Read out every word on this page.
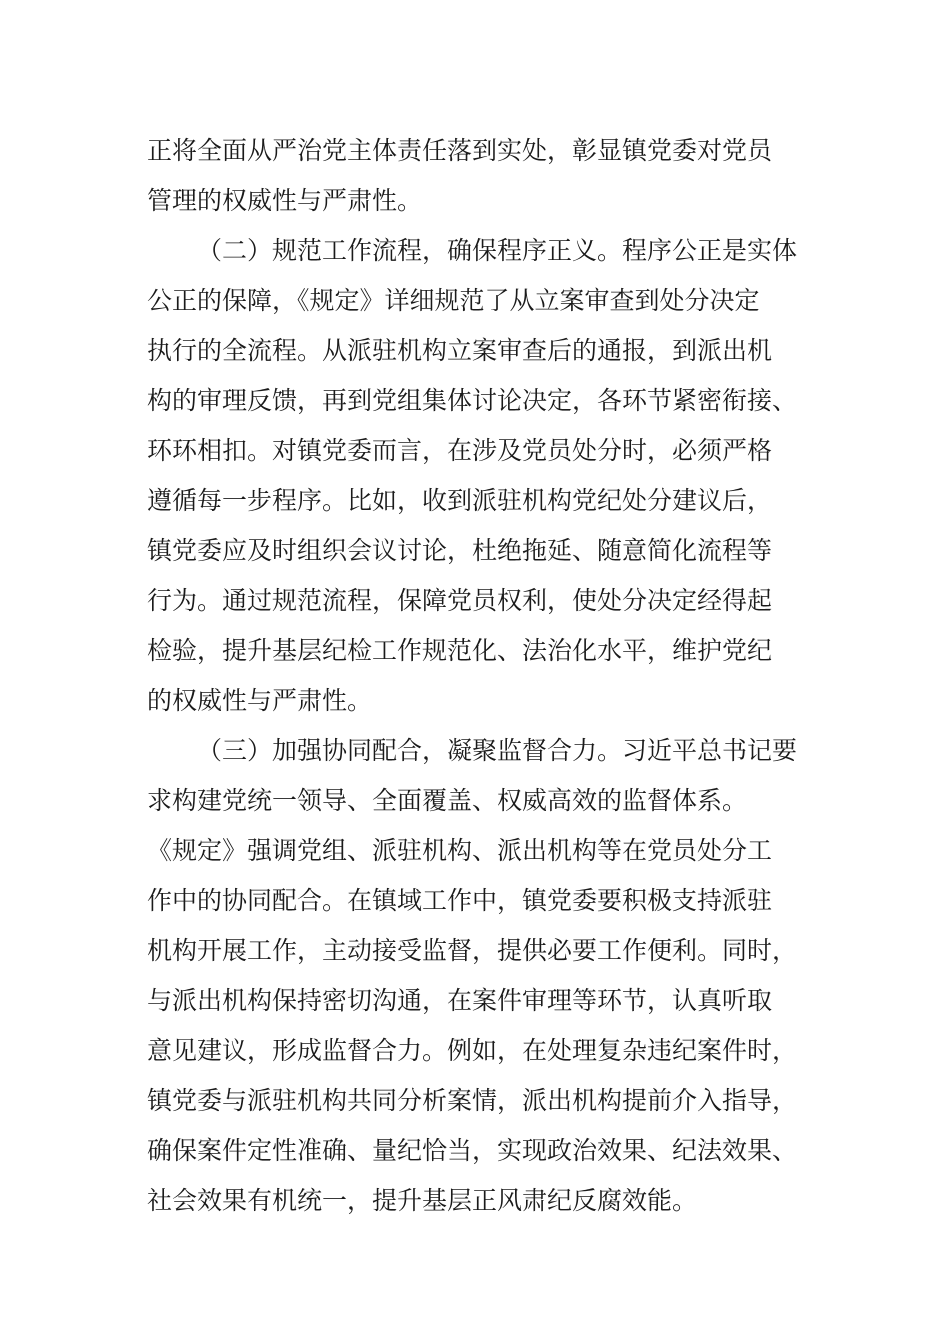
正将全面从严治党主体责任落到实处，彰显镇党委对党员
管理的权威性与严肃性。
（二）规范工作流程，确保程序正义。程序公正是实体
公正的保障，《规定》详细规范了从立案审查到处分决定
执行的全流程。从派驻机构立案审查后的通报，到派出机
构的审理反馈，再到党组集体讨论决定，各环节紧密衔接、
环环相扣。对镇党委而言，在涉及党员处分时，必须严格
遵循每一步程序。比如，收到派驻机构党纪处分建议后，
镇党委应及时组织会议讨论，杜绝拖延、随意简化流程等
行为。通过规范流程，保障党员权利，使处分决定经得起
检验，提升基层纪检工作规范化、法治化水平，维护党纪
的权威性与严肃性。
（三）加强协同配合，凝聚监督合力。习近平总书记要
求构建党统一领导、全面覆盖、权威高效的监督体系。
《规定》强调党组、派驻机构、派出机构等在党员处分工
作中的协同配合。在镇域工作中，镇党委要积极支持派驻
机构开展工作，主动接受监督，提供必要工作便利。同时，
与派出机构保持密切沟通，在案件审理等环节，认真听取
意见建议，形成监督合力。例如，在处理复杂违纪案件时，
镇党委与派驻机构共同分析案情，派出机构提前介入指导，
确保案件定性准确、量纪恰当，实现政治效果、纪法效果、
社会效果有机统一，提升基层正风肃纪反腐效能。
